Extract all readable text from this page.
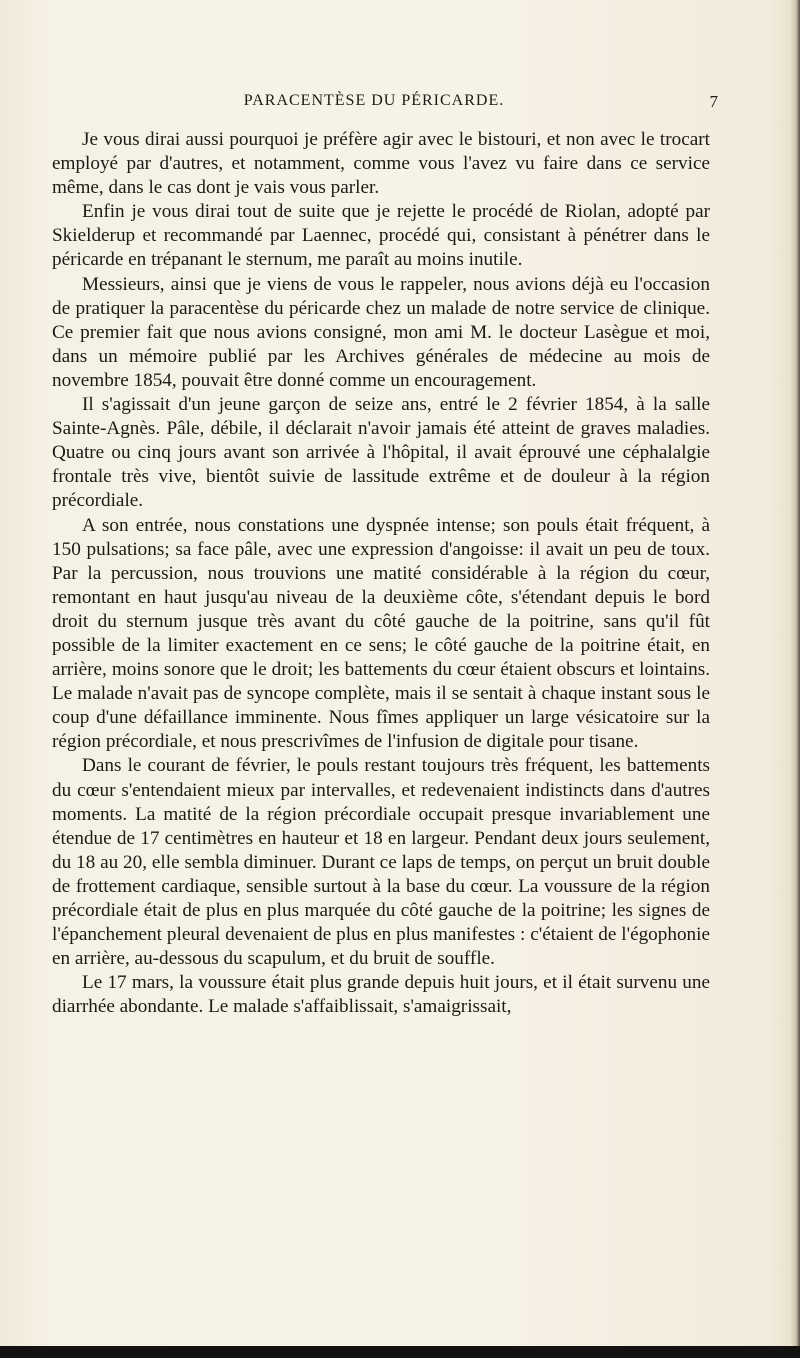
PARACENTÈSE DU PÉRICARDE.	7

Je vous dirai aussi pourquoi je préfère agir avec le bistouri, et non avec le trocart employé par d'autres, et notamment, comme vous l'avez vu faire dans ce service même, dans le cas dont je vais vous parler.

Enfin je vous dirai tout de suite que je rejette le procédé de Riolan, adopté par Skielderup et recommandé par Laennec, procédé qui, consistant à pénétrer dans le péricarde en trépanant le sternum, me paraît au moins inutile.

Messieurs, ainsi que je viens de vous le rappeler, nous avions déjà eu l'occasion de pratiquer la paracentèse du péricarde chez un malade de notre service de clinique. Ce premier fait que nous avions consigné, mon ami M. le docteur Lasègue et moi, dans un mémoire publié par les Archives générales de médecine au mois de novembre 1854, pouvait être donné comme un encouragement.

Il s'agissait d'un jeune garçon de seize ans, entré le 2 février 1854, à la salle Sainte-Agnès. Pâle, débile, il déclarait n'avoir jamais été atteint de graves maladies. Quatre ou cinq jours avant son arrivée à l'hôpital, il avait éprouvé une céphalalgie frontale très vive, bientôt suivie de lassitude extrême et de douleur à la région précordiale.

A son entrée, nous constations une dyspnée intense; son pouls était fréquent, à 150 pulsations; sa face pâle, avec une expression d'angoisse: il avait un peu de toux. Par la percussion, nous trouvions une matité considérable à la région du cœur, remontant en haut jusqu'au niveau de la deuxième côte, s'étendant depuis le bord droit du sternum jusque très avant du côté gauche de la poitrine, sans qu'il fût possible de la limiter exactement en ce sens; le côté gauche de la poitrine était, en arrière, moins sonore que le droit; les battements du cœur étaient obscurs et lointains. Le malade n'avait pas de syncope complète, mais il se sentait à chaque instant sous le coup d'une défaillance imminente. Nous fîmes appliquer un large vésicatoire sur la région précordiale, et nous prescrivîmes de l'infusion de digitale pour tisane.

Dans le courant de février, le pouls restant toujours très fréquent, les battements du cœur s'entendaient mieux par intervalles, et redevenaient indistincts dans d'autres moments. La matité de la région précordiale occupait presque invariablement une étendue de 17 centimètres en hauteur et 18 en largeur. Pendant deux jours seulement, du 18 au 20, elle sembla diminuer. Durant ce laps de temps, on perçut un bruit double de frottement cardiaque, sensible surtout à la base du cœur. La voussure de la région précordiale était de plus en plus marquée du côté gauche de la poitrine; les signes de l'épanchement pleural devenaient de plus en plus manifestes : c'étaient de l'égophonie en arrière, au-dessous du scapulum, et du bruit de souffle.

Le 17 mars, la voussure était plus grande depuis huit jours, et il était survenu une diarrhée abondante. Le malade s'affaiblissait, s'amaigrissait,
